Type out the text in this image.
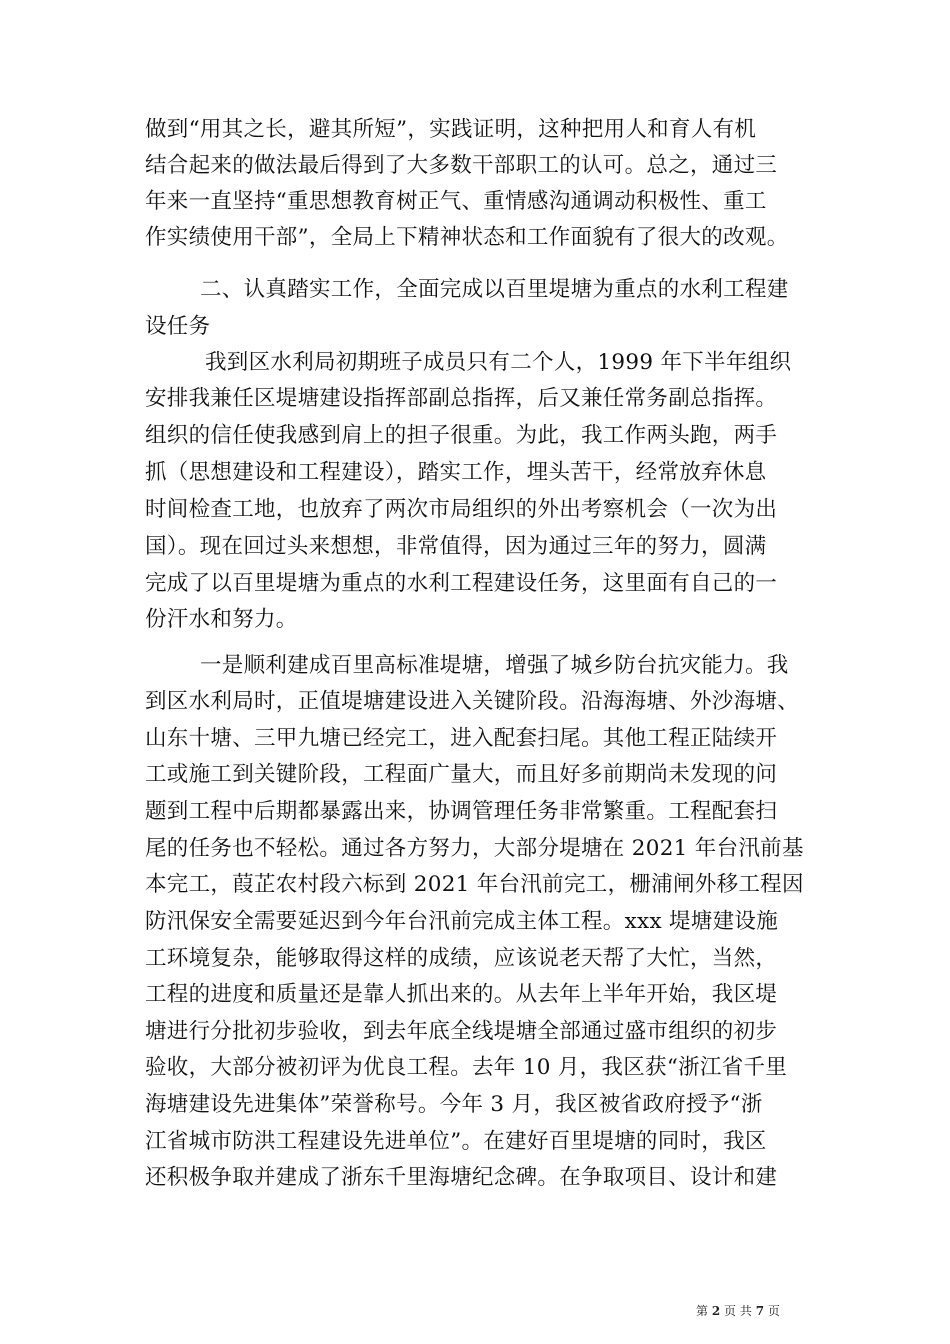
做到“用其之长，避其所短”，实践证明，这种把用人和育人有机
结合起来的做法最后得到了大多数干部职工的认可。总之，通过三
年来一直坚持“重思想教育树正气、重情感沟通调动积极性、重工
作实绩使用干部”，全局上下精神状态和工作面貌有了很大的改观。
二、认真踏实工作，全面完成以百里堤塘为重点的水利工程建
设任务
我到区水利局初期班子成员只有二个人，1999 年下半年组织
安排我兼任区堤塘建设指挥部副总指挥，后又兼任常务副总指挥。
组织的信任使我感到肩上的担子很重。为此，我工作两头跑，两手
抓（思想建设和工程建设），踏实工作，埋头苦干，经常放弃休息
时间检查工地，也放弃了两次市局组织的外出考察机会（一次为出
国）。现在回过头来想想，非常值得，因为通过三年的努力，圆满
完成了以百里堤塘为重点的水利工程建设任务，这里面有自己的一
份汗水和努力。
一是顺利建成百里高标准堤塘，增强了城乡防台抗灾能力。我
到区水利局时，正值堤塘建设进入关键阶段。沿海海塘、外沙海塘、
山东十塘、三甲九塘已经完工，进入配套扫尾。其他工程正陆续开
工或施工到关键阶段，工程面广量大，而且好多前期尚未发现的问
题到工程中后期都暴露出来，协调管理任务非常繁重。工程配套扫
尾的任务也不轻松。通过各方努力，大部分堤塘在 2021 年台汛前基
本完工，葭芷农村段六标到 2021 年台汛前完工，栅浦闸外移工程因
防汛保安全需要延迟到今年台汛前完成主体工程。xxx 堤塘建设施
工环境复杂，能够取得这样的成绩，应该说老天帮了大忙，当然，
工程的进度和质量还是靠人抓出来的。从去年上半年开始，我区堤
塘进行分批初步验收，到去年底全线堤塘全部通过盛市组织的初步
验收，大部分被初评为优良工程。去年 10 月，我区获“浙江省千里
海塘建设先进集体”荣誉称号。今年 3 月，我区被省政府授予“浙
江省城市防洪工程建设先进单位”。在建好百里堤塘的同时，我区
还积极争取并建成了浙东千里海塘纪念碑。在争取项目、设计和建
第 2 页 共 7 页
